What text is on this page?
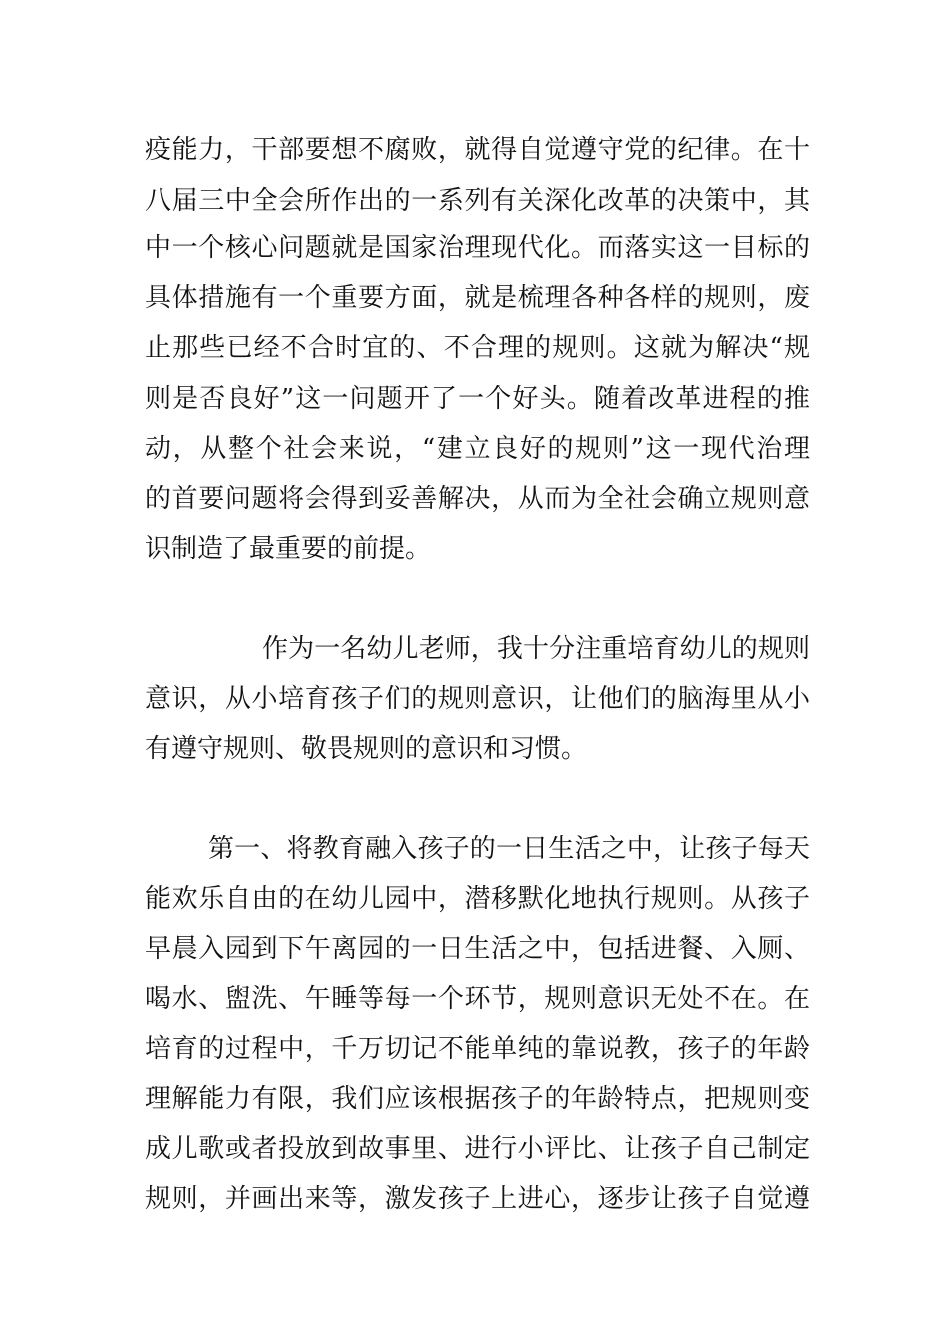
疫能力，干部要想不腐败，就得自觉遵守党的纪律。在十
八届三中全会所作出的一系列有关深化改革的决策中，其
中一个核心问题就是国家治理现代化。而落实这一目标的
具体措施有一个重要方面，就是梳理各种各样的规则，废
止那些已经不合时宜的、不合理的规则。这就为解决“规
则是否良好”这一问题开了一个好头。随着改革进程的推
动，从整个社会来说，“建立良好的规则”这一现代治理
的首要问题将会得到妥善解决，从而为全社会确立规则意
识制造了最重要的前提。
作为一名幼儿老师，我十分注重培育幼儿的规则
意识，从小培育孩子们的规则意识，让他们的脑海里从小
有遵守规则、敬畏规则的意识和习惯。
第一、将教育融入孩子的一日生活之中，让孩子每天
能欢乐自由的在幼儿园中，潜移默化地执行规则。从孩子
早晨入园到下午离园的一日生活之中，包括进餐、入厕、
喝水、盥洗、午睡等每一个环节，规则意识无处不在。在
培育的过程中，千万切记不能单纯的靠说教，孩子的年龄
理解能力有限，我们应该根据孩子的年龄特点，把规则变
成儿歌或者投放到故事里、进行小评比、让孩子自己制定
规则，并画出来等，激发孩子上进心，逐步让孩子自觉遵
